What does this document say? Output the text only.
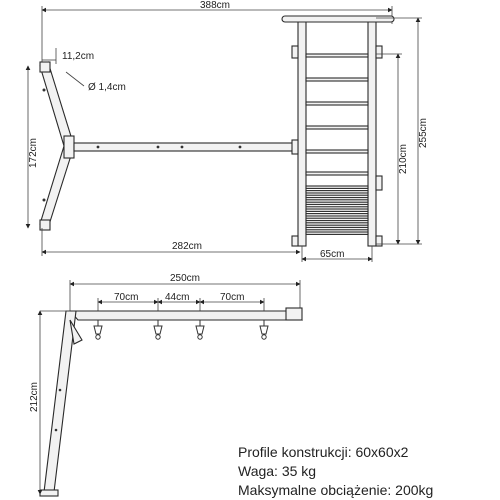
388cm
11,2cm
Ø 1,4cm
172cm
282cm
255cm
210cm
65cm
250cm
70cm	44cm	70cm
212cm
Profile konstrukcji: 60x60x2
Waga: 35 kg
Maksymalne obciążenie: 200kg
